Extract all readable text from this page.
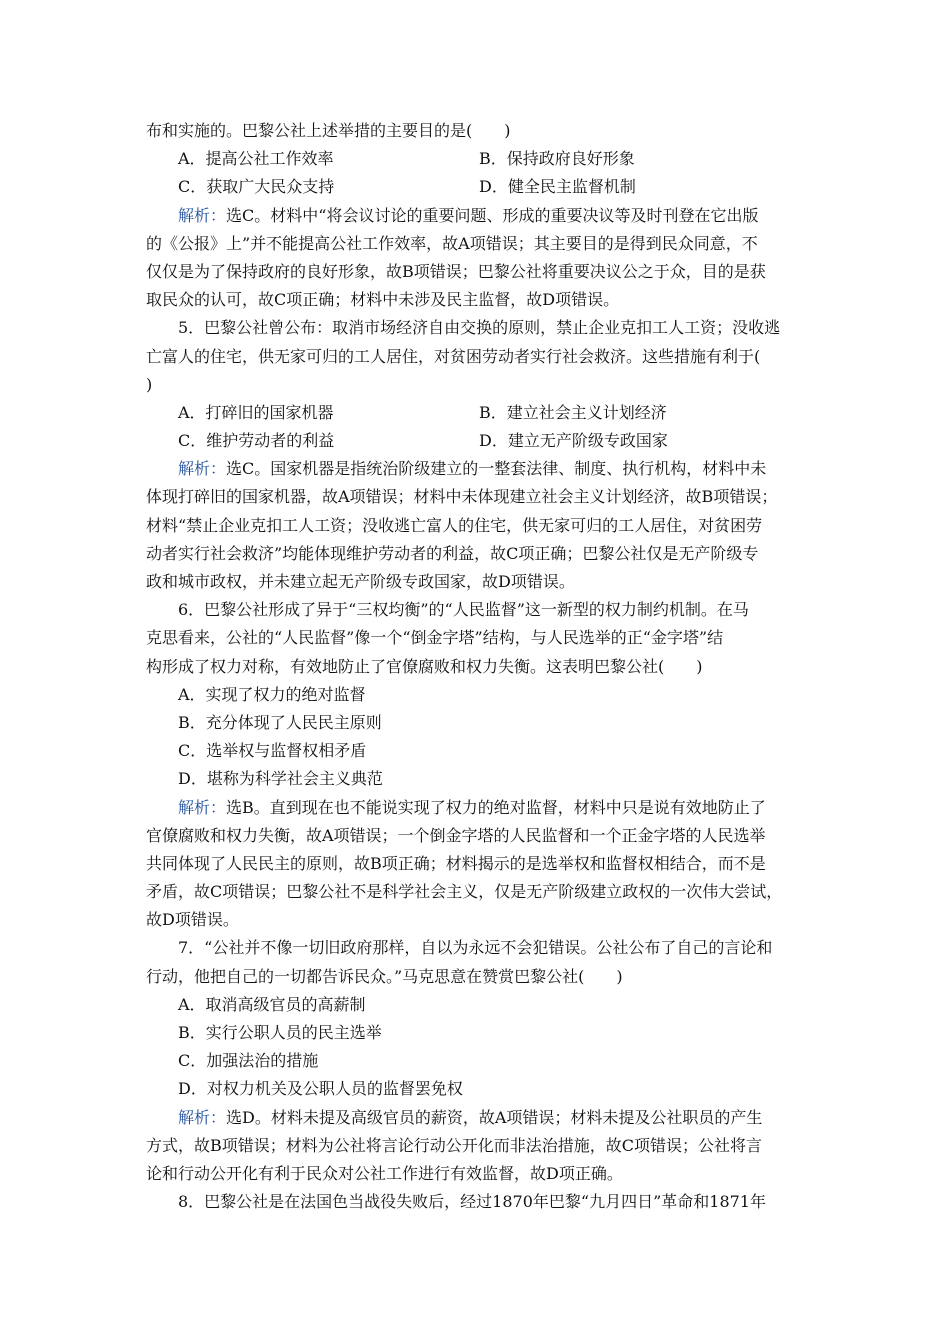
布和实施的。巴黎公社上述举措的主要目的是(　　)
A．提高公社工作效率	B．保持政府良好形象
C．获取广大民众支持	D．健全民主监督机制
解析：选C。材料中“将会议讨论的重要问题、形成的重要决议等及时刊登在它出版
的《公报》上”并不能提高公社工作效率，故A项错误；其主要目的是得到民众同意，不
仅仅是为了保持政府的良好形象，故B项错误；巴黎公社将重要决议公之于众，目的是获
取民众的认可，故C项正确；材料中未涉及民主监督，故D项错误。
5．巴黎公社曾公布：取消市场经济自由交换的原则，禁止企业克扣工人工资；没收逃
亡富人的住宅，供无家可归的工人居住，对贫困劳动者实行社会救济。这些措施有利于(
)
A．打碎旧的国家机器	B．建立社会主义计划经济
C．维护劳动者的利益	D．建立无产阶级专政国家
解析：选C。国家机器是指统治阶级建立的一整套法律、制度、执行机构，材料中未
体现打碎旧的国家机器，故A项错误；材料中未体现建立社会主义计划经济，故B项错误；
材料“禁止企业克扣工人工资；没收逃亡富人的住宅，供无家可归的工人居住，对贫困劳
动者实行社会救济”均能体现维护劳动者的利益，故C项正确；巴黎公社仅是无产阶级专
政和城市政权，并未建立起无产阶级专政国家，故D项错误。
6．巴黎公社形成了异于“三权均衡”的“人民监督”这一新型的权力制约机制。在马
克思看来，公社的“人民监督”像一个“倒金字塔”结构，与人民选举的正“金字塔”结
构形成了权力对称，有效地防止了官僚腐败和权力失衡。这表明巴黎公社(　　)
A．实现了权力的绝对监督
B．充分体现了人民民主原则
C．选举权与监督权相矛盾
D．堪称为科学社会主义典范
解析：选B。直到现在也不能说实现了权力的绝对监督，材料中只是说有效地防止了
官僚腐败和权力失衡，故A项错误；一个倒金字塔的人民监督和一个正金字塔的人民选举
共同体现了人民民主的原则，故B项正确；材料揭示的是选举权和监督权相结合，而不是
矛盾，故C项错误；巴黎公社不是科学社会主义，仅是无产阶级建立政权的一次伟大尝试，
故D项错误。
7．“公社并不像一切旧政府那样，自以为永远不会犯错误。公社公布了自己的言论和
行动，他把自己的一切都告诉民众。”马克思意在赞赏巴黎公社(　　)
A．取消高级官员的高薪制
B．实行公职人员的民主选举
C．加强法治的措施
D．对权力机关及公职人员的监督罢免权
解析：选D。材料未提及高级官员的薪资，故A项错误；材料未提及公社职员的产生
方式，故B项错误；材料为公社将言论行动公开化而非法治措施，故C项错误；公社将言
论和行动公开化有利于民众对公社工作进行有效监督，故D项正确。
8．巴黎公社是在法国色当战役失败后，经过1870年巴黎“九月四日”革命和1871年
